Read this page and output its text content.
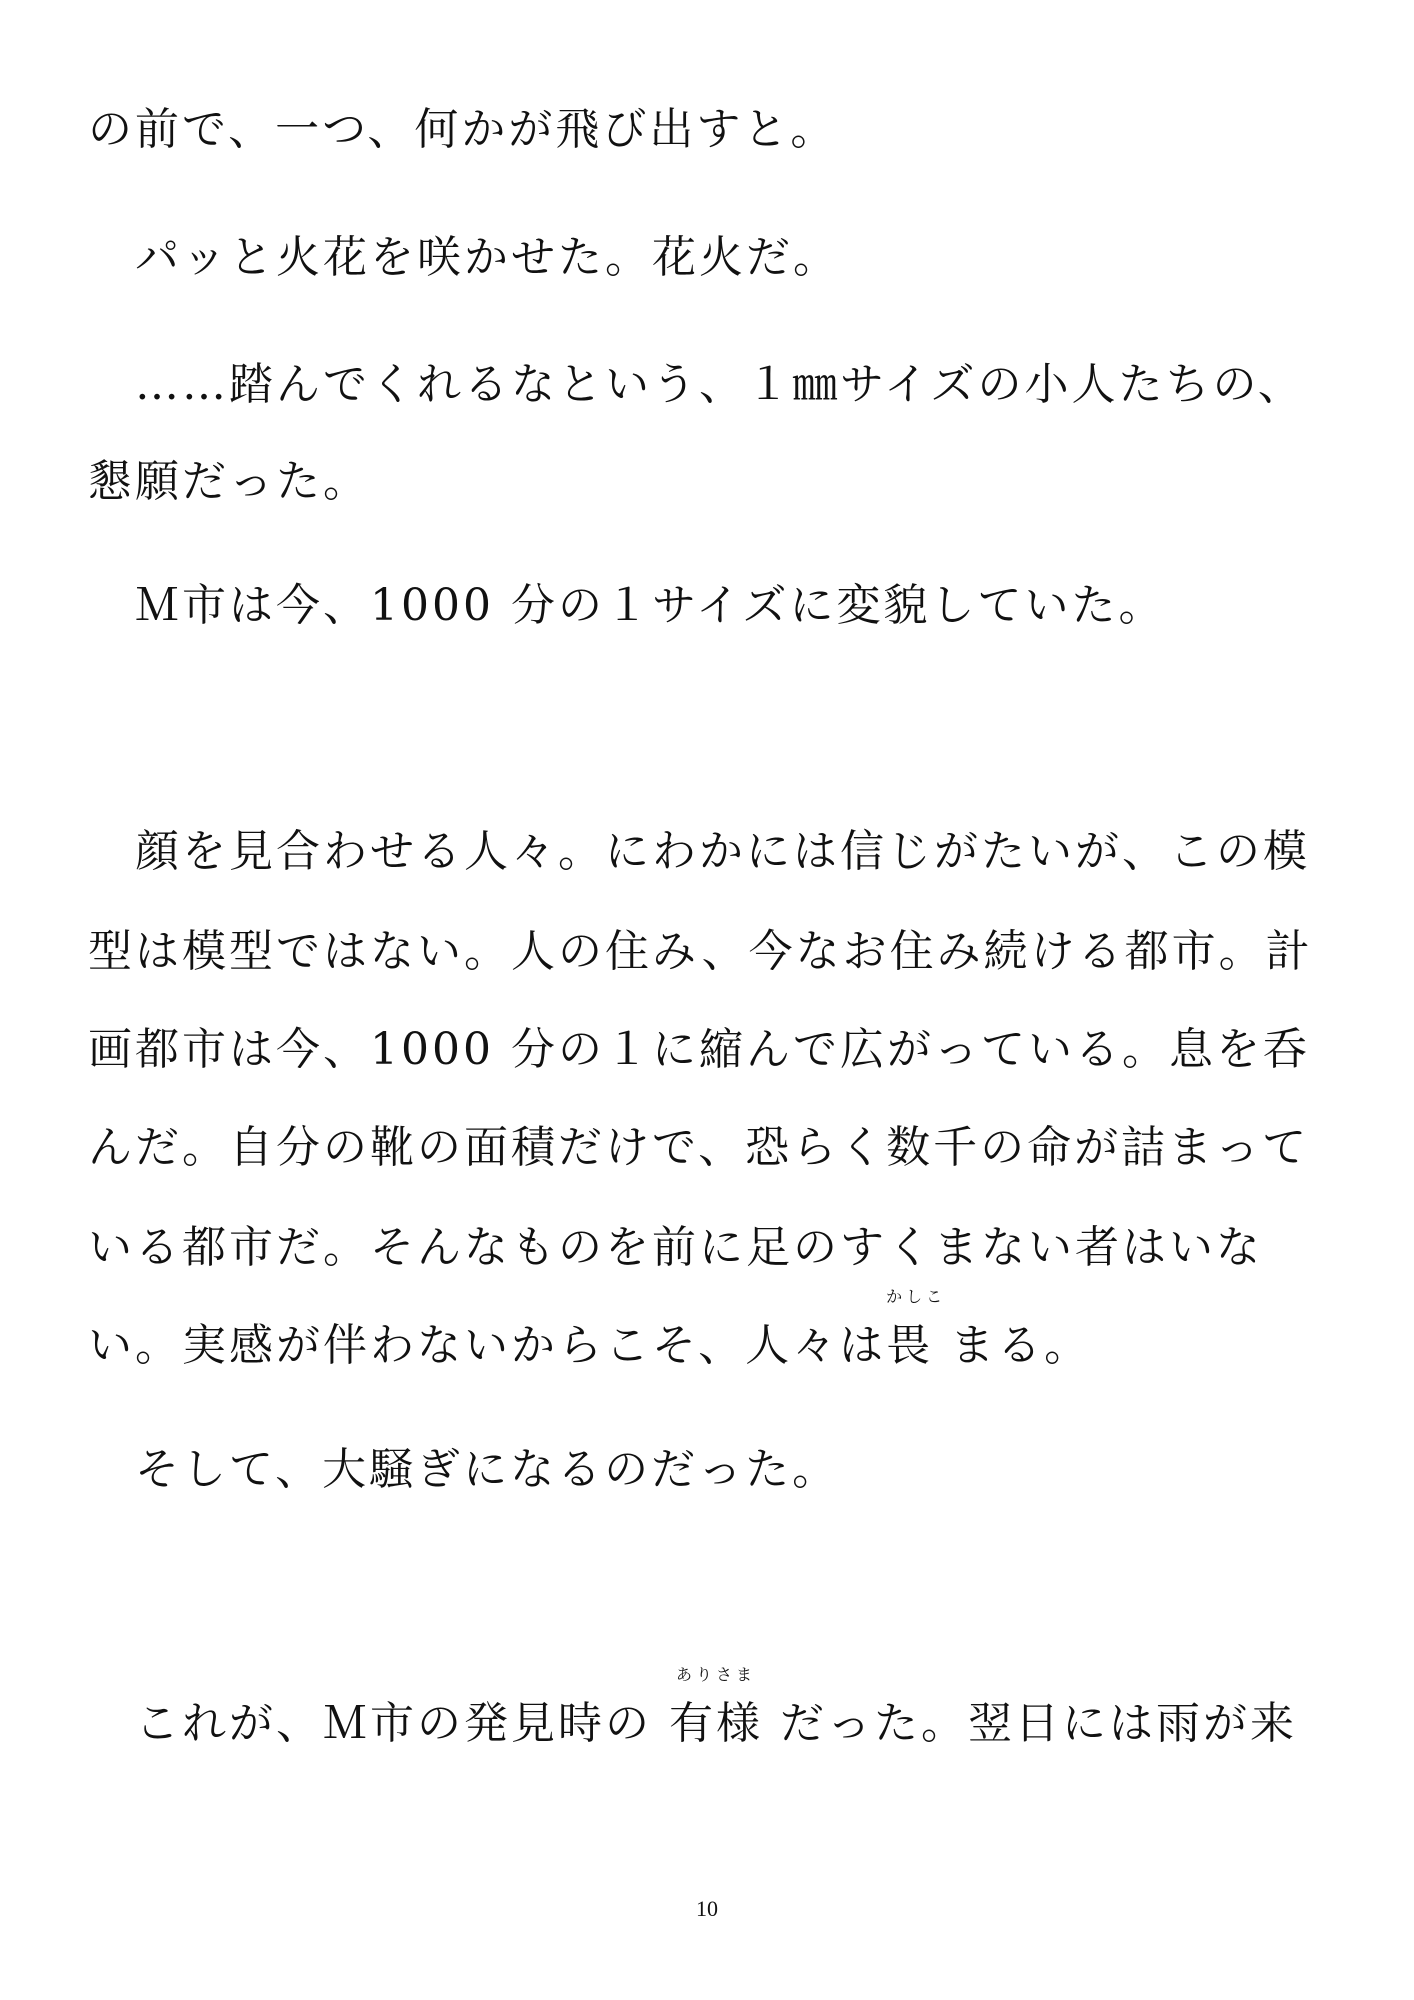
の前で、一つ、何かが飛び出すと。
　パッと火花を咲かせた。花火だ。
　……踏んでくれるなという、１㎜サイズの小人たちの、
懇願だった。
　Ｍ市は今、1000 分の１サイズに変貌していた。
　顔を見合わせる人々。にわかには信じがたいが、この模
型は模型ではない。人の住み、今なお住み続ける都市。計
画都市は今、1000 分の１に縮んで広がっている。息を呑
んだ。自分の靴の面積だけで、恐らく数千の命が詰まって
いる都市だ。そんなものを前に足のすくまない者はいな
い。実感が伴わないからこそ、人々は
かしこ
畏 まる。
　そして、大騒ぎになるのだった。
　これが、Ｍ市の発見時の
ありさま
有様 だった。翌日には雨が来
10
